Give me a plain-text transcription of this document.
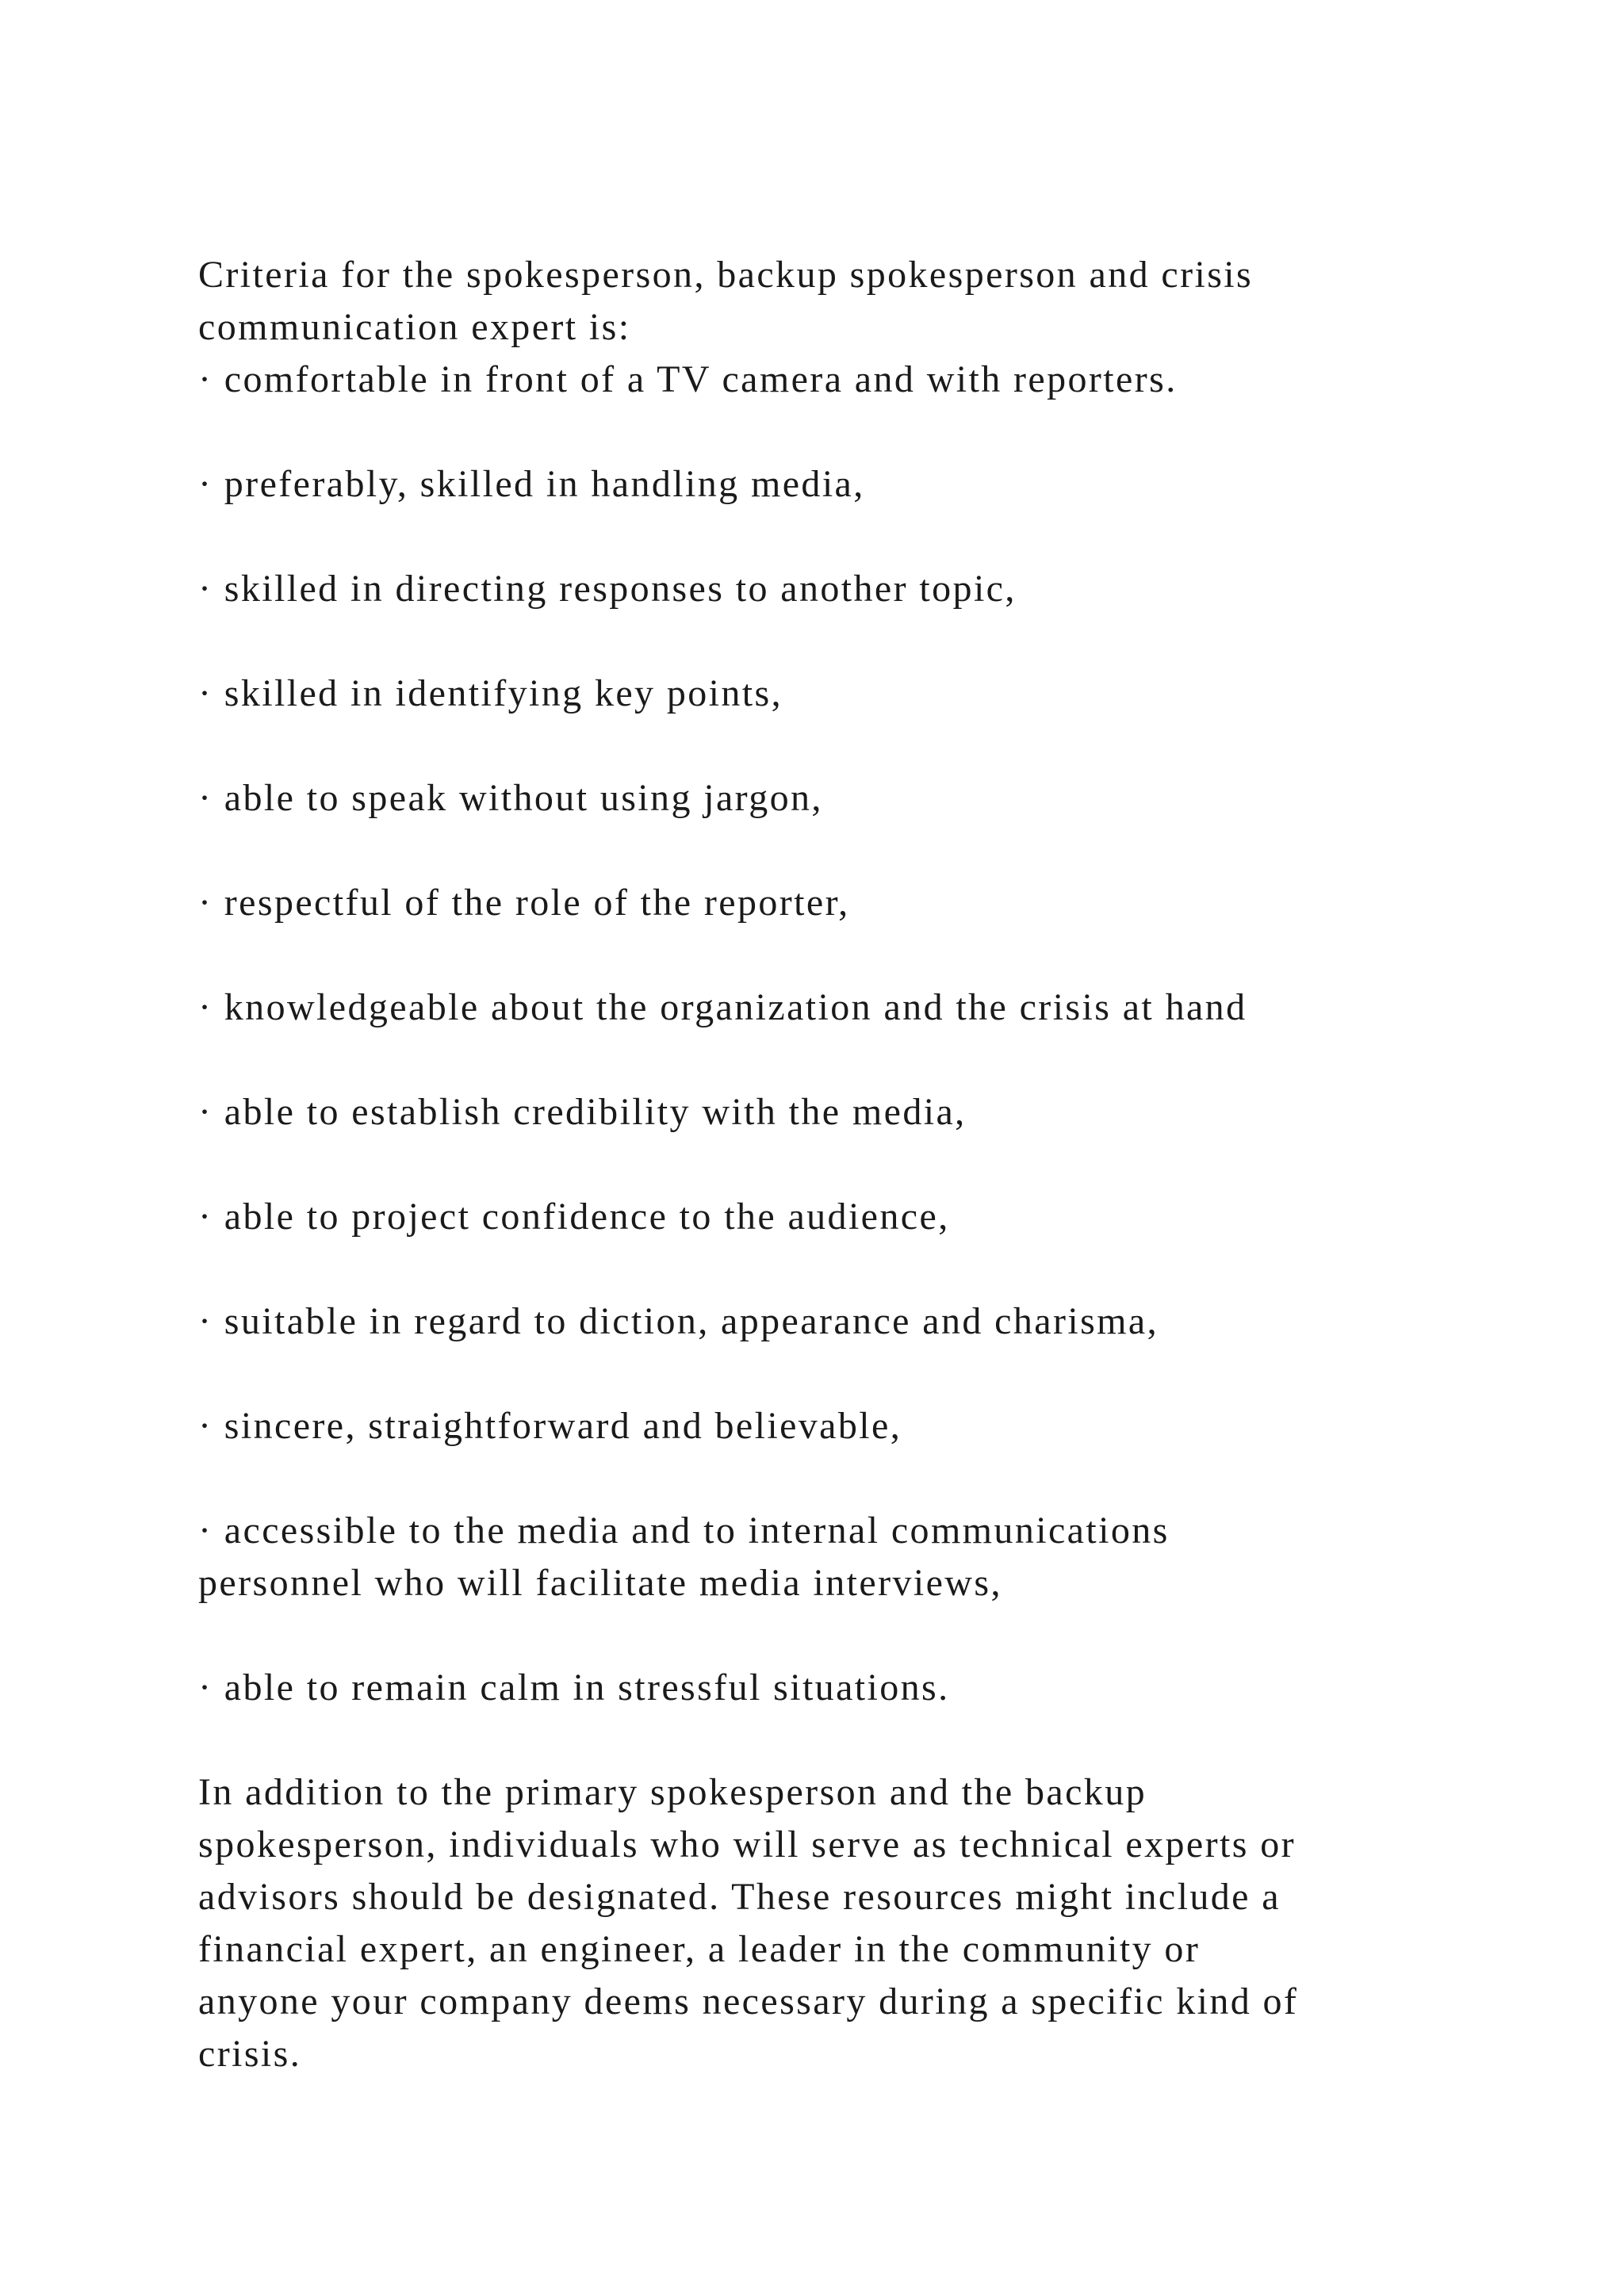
Criteria for the spokesperson, backup spokesperson and crisis
communication expert is:
· comfortable in front of a TV camera and with reporters.
· preferably, skilled in handling media,
· skilled in directing responses to another topic,
· skilled in identifying key points,
· able to speak without using jargon,
· respectful of the role of the reporter,
· knowledgeable about the organization and the crisis at hand
· able to establish credibility with the media,
· able to project confidence to the audience,
· suitable in regard to diction, appearance and charisma,
· sincere, straightforward and believable,
· accessible to the media and to internal communications
personnel who will facilitate media interviews,
· able to remain calm in stressful situations.
In addition to the primary spokesperson and the backup
spokesperson, individuals who will serve as technical experts or
advisors should be designated. These resources might include a
financial expert, an engineer, a leader in the community or
anyone your company deems necessary during a specific kind of
crisis.
